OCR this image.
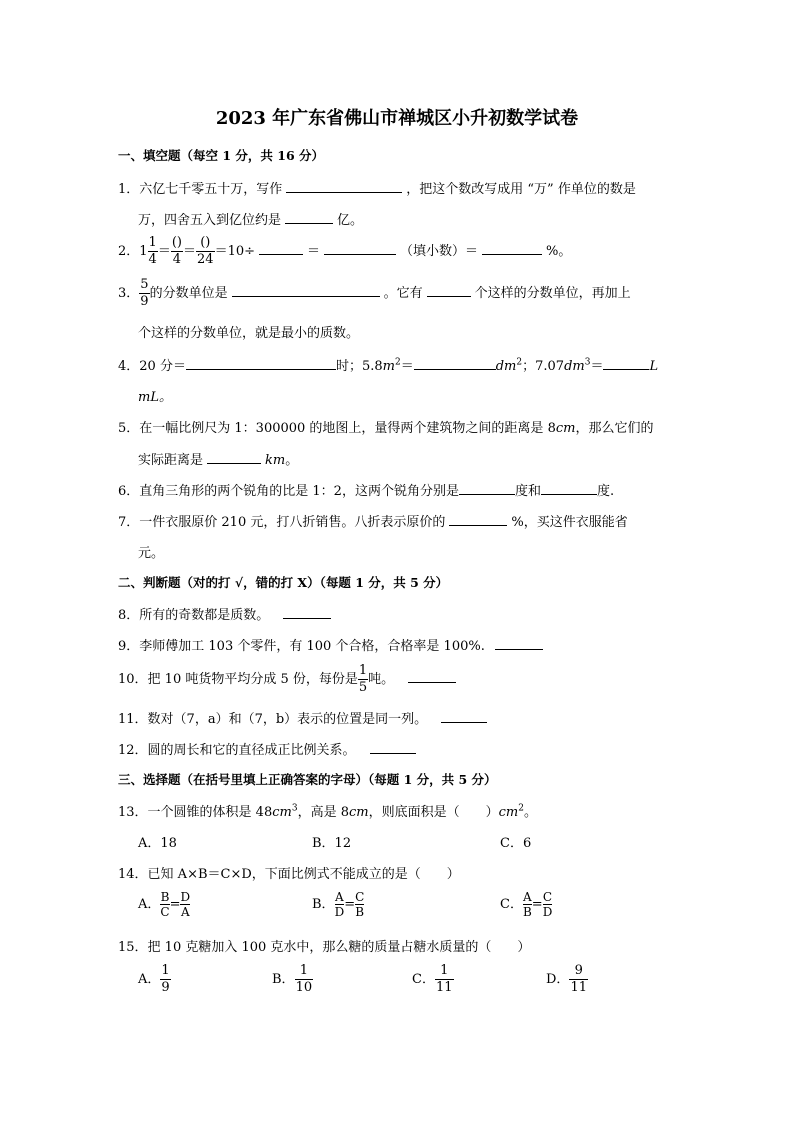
2023 年广东省佛山市禅城区小升初数学试卷
一、填空题（每空 1 分，共 16 分）
1．六亿七千零五十万，写作	，把这个数改写成用 “万” 作单位的数是
万，四舍五入到亿位约是	亿。
2．$1 \frac{1}{4} = \frac{()}{4} = \frac{()}{24} =10\div$	＝	（填小数）＝	%。
3． $\frac{5}{9}$ 的分数单位是	。它有	个这样的分数单位，再加上
个这样的分数单位，就是最小的质数。
4．20 分＝	时；$5.8m^2=$	$dm^2$；$7.07dm^3=$	L
mL。
5．在一幅比例尺为 1：300000 的地图上，量得两个建筑物之间的距离是 8cm，那么它们的
实际距离是	km。
6．直角三角形的两个锐角的比是 1：2，这两个锐角分别是	度和	度.
7．一件衣服原价 210 元，打八折销售。八折表示原价的	%，买这件衣服能省
元。
二、判断题（对的打 √，错的打 X）（每题 1 分，共 5 分）
8．所有的奇数都是质数。
9．李师傅加工 103 个零件，有 100 个合格，合格率是 100%.
10．把 10 吨货物平均分成 5 份，每份是 $\frac{1}{5}$ 吨。
11．数对（7，a）和（7，b）表示的位置是同一列。
12．圆的周长和它的直径成正比例关系。
三、选择题（在括号里填上正确答案的字母）（每题 1 分，共 5 分）
13．一个圆锥的体积是 $48cm^3$，高是 8cm，则底面积是（　　）$cm^2$。
A．18	B．12	C．6
14．已知 A×B＝C×D，下面比例式不能成立的是（　　）
A． $\frac{B}{C} = \frac{D}{A}$	B． $\frac{A}{D} = \frac{C}{B}$	C． $\frac{A}{B} = \frac{C}{D}$
15．把 10 克糖加入 100 克水中，那么糖的质量占糖水质量的（　　）
A． $\frac{1}{9}$	B． $\frac{1}{10}$	C． $\frac{1}{11}$	D． $\frac{9}{11}$
